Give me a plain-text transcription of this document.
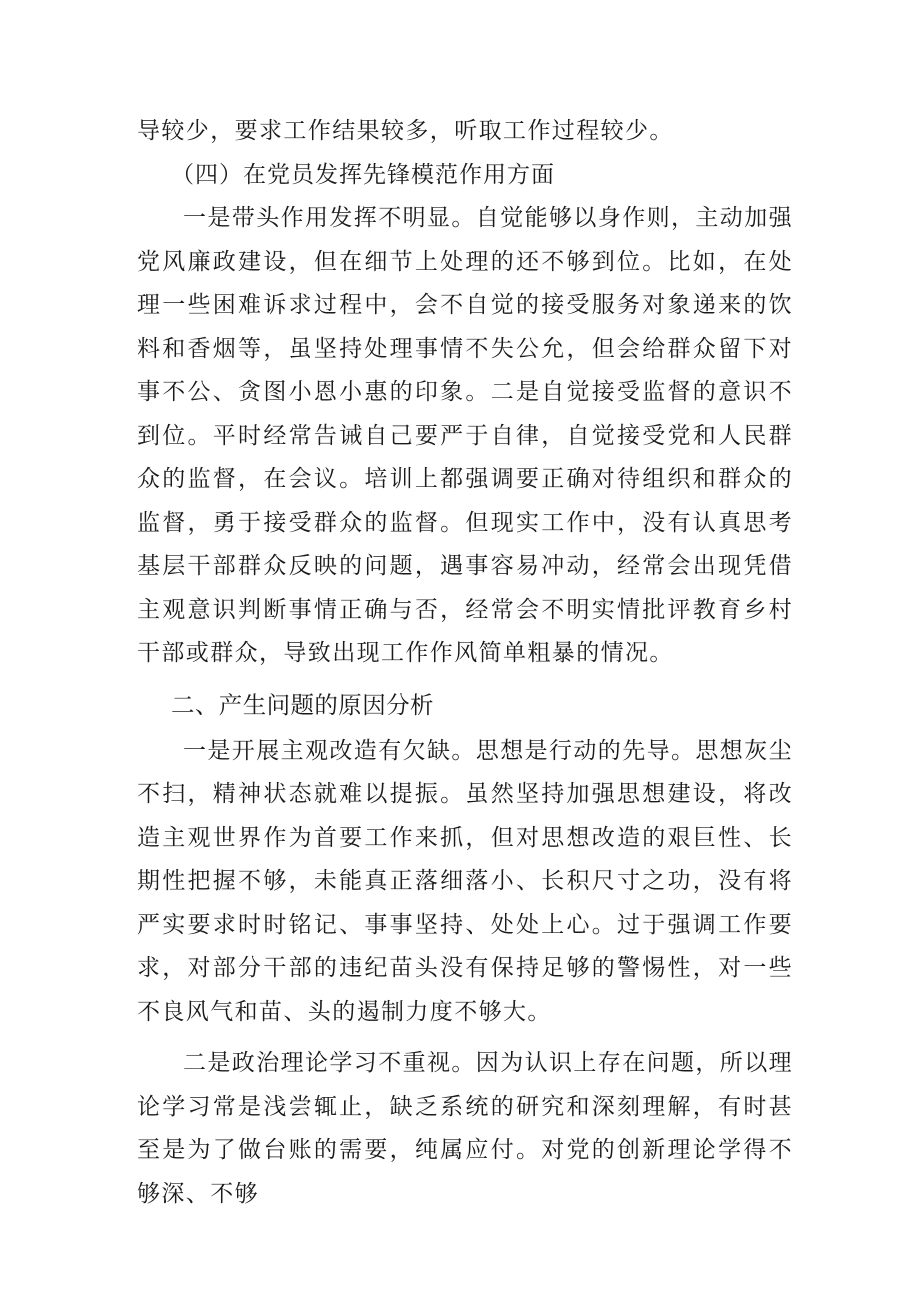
导较少，要求工作结果较多，听取工作过程较少。

（四）在党员发挥先锋模范作用方面

一是带头作用发挥不明显。自觉能够以身作则，主动加强党风廉政建设，但在细节上处理的还不够到位。比如，在处理一些困难诉求过程中，会不自觉的接受服务对象递来的饮料和香烟等，虽坚持处理事情不失公允，但会给群众留下对事不公、贪图小恩小惠的印象。二是自觉接受监督的意识不到位。平时经常告诫自己要严于自律，自觉接受党和人民群众的监督，在会议。培训上都强调要正确对待组织和群众的监督，勇于接受群众的监督。但现实工作中，没有认真思考基层干部群众反映的问题，遇事容易冲动，经常会出现凭借主观意识判断事情正确与否，经常会不明实情批评教育乡村干部或群众，导致出现工作作风简单粗暴的情况。

二、产生问题的原因分析

一是开展主观改造有欠缺。思想是行动的先导。思想灰尘不扫，精神状态就难以提振。虽然坚持加强思想建设，将改造主观世界作为首要工作来抓，但对思想改造的艰巨性、长期性把握不够，未能真正落细落小、长积尺寸之功，没有将严实要求时时铭记、事事坚持、处处上心。过于强调工作要求，对部分干部的违纪苗头没有保持足够的警惕性，对一些不良风气和苗、头的遏制力度不够大。

二是政治理论学习不重视。因为认识上存在问题，所以理论学习常是浅尝辄止，缺乏系统的研究和深刻理解，有时甚至是为了做台账的需要，纯属应付。对党的创新理论学得不够深、不够
